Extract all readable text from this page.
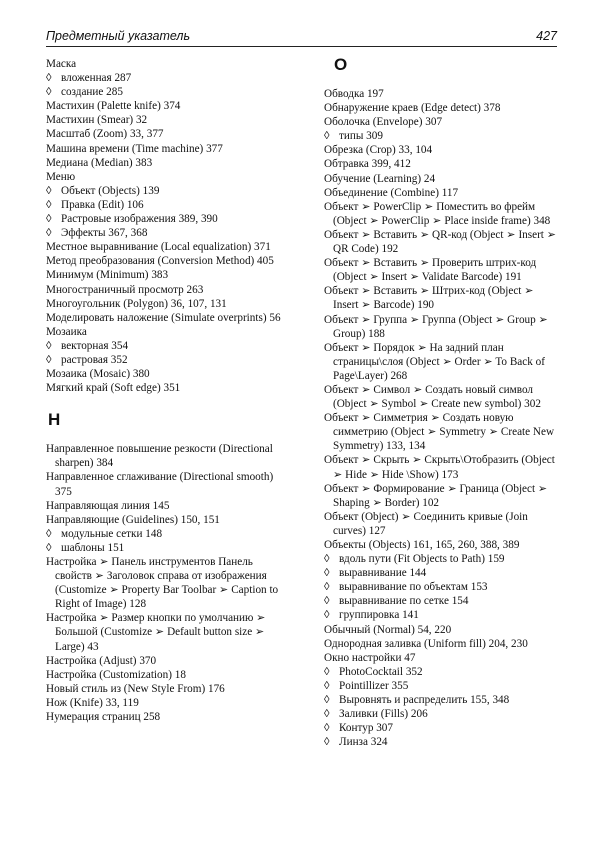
Предметный указатель	427
Маска
◊ вложенная 287
◊ создание 285
Мастихин (Palette knife) 374
Мастихин (Smear) 32
Масштаб (Zoom) 33, 377
Машина времени (Time machine) 377
Медиана (Median) 383
Меню
◊ Объект (Objects) 139
◊ Правка (Edit) 106
◊ Растровые изображения 389, 390
◊ Эффекты 367, 368
Местное выравнивание (Local equalization) 371
Метод преобразования (Conversion Method) 405
Минимум (Minimum) 383
Многостраничный просмотр 263
Многоугольник (Polygon) 36, 107, 131
Моделировать наложение (Simulate overprints) 56
Мозаика
◊ векторная 354
◊ растровая 352
Мозаика (Mosaic) 380
Мягкий край (Soft edge) 351
Н
Направленное повышение резкости (Directional sharpen) 384
Направленное сглаживание (Directional smooth) 375
Направляющая линия 145
Направляющие (Guidelines) 150, 151
◊ модульные сетки 148
◊ шаблоны 151
Настройка ➢ Панель инструментов Панель свойств ➢ Заголовок справа от изображения (Customize ➢ Property Bar Toolbar ➢ Caption to Right of Image) 128
Настройка ➢ Размер кнопки по умолчанию ➢ Большой (Customize ➢ Default button size ➢ Large) 43
Настройка (Adjust) 370
Настройка (Customization) 18
Новый стиль из (New Style From) 176
Нож (Knife) 33, 119
Нумерация страниц 258
О
Обводка 197
Обнаружение краев (Edge detect) 378
Оболочка (Envelope) 307
◊ типы 309
Обрезка (Crop) 33, 104
Обтравка 399, 412
Обучение (Learning) 24
Объединение (Combine) 117
Объект ➢ PowerClip ➢ Поместить во фрейм (Object ➢ PowerClip ➢ Place inside frame) 348
Объект ➢ Вставить ➢ QR-код (Object ➢ Insert ➢ QR Code) 192
Объект ➢ Вставить ➢ Проверить штрих-код (Object ➢ Insert ➢ Validate Barcode) 191
Объект ➢ Вставить ➢ Штрих-код (Object ➢ Insert ➢ Barcode) 190
Объект ➢ Группа ➢ Группа (Object ➢ Group ➢ Group) 188
Объект ➢ Порядок ➢ На задний план страницы\слоя (Object ➢ Order ➢ To Back of Page\Layer) 268
Объект ➢ Символ ➢ Создать новый символ (Object ➢ Symbol ➢ Create new symbol) 302
Объект ➢ Симметрия ➢ Создать новую симметрию (Object ➢ Symmetry ➢ Create New Symmetry) 133, 134
Объект ➢ Скрыть ➢ Скрыть\Отобразить (Object ➢ Hide ➢ Hide \Show) 173
Объект ➢ Формирование ➢ Граница (Object ➢ Shaping ➢ Border) 102
Объект (Object) ➢ Соединить кривые (Join curves) 127
Объекты (Objects) 161, 165, 260, 388, 389
◊ вдоль пути (Fit Objects to Path) 159
◊ выравнивание 144
◊ выравнивание по объектам 153
◊ выравнивание по сетке 154
◊ группировка 141
Обычный (Normal) 54, 220
Однородная заливка (Uniform fill) 204, 230
Окно настройки 47
◊ PhotoCocktail 352
◊ Pointillizer 355
◊ Выровнять и распределить 155, 348
◊ Заливки (Fills) 206
◊ Контур 307
◊ Линза 324
